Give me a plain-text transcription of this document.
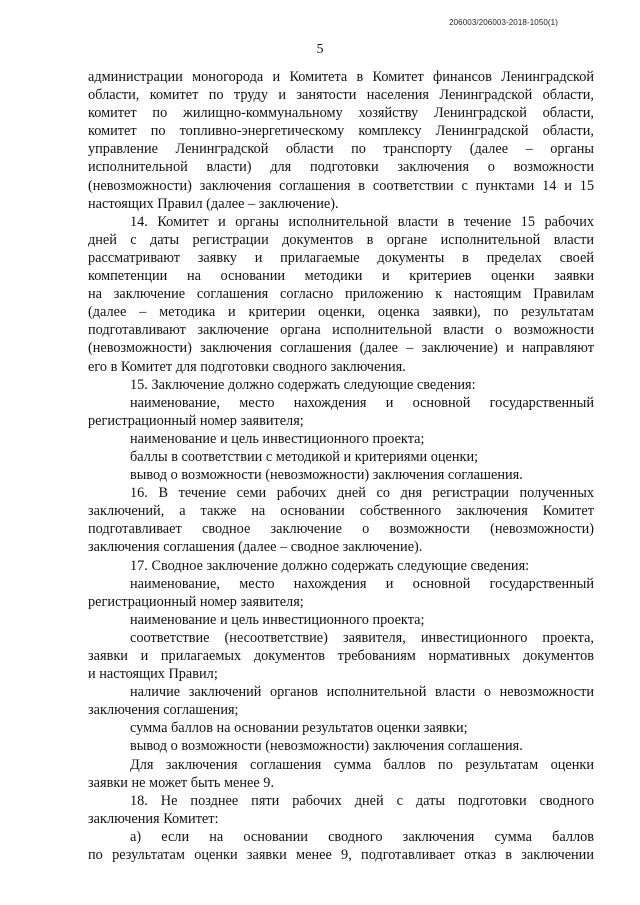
206003/206003-2018-1050(1)
5
администрации моногорода и Комитета в Комитет финансов Ленинградской
области, комитет по труду и занятости населения Ленинградской области,
комитет по жилищно-коммунальному хозяйству Ленинградской области,
комитет по топливно-энергетическому комплексу Ленинградской области,
управление Ленинградской области по транспорту (далее – органы
исполнительной власти) для подготовки заключения о возможности
(невозможности) заключения соглашения в соответствии с пунктами 14 и 15
настоящих Правил (далее – заключение).
14. Комитет и органы исполнительной власти в течение 15 рабочих
дней с даты регистрации документов в органе исполнительной власти
рассматривают заявку и прилагаемые документы в пределах своей
компетенции на основании методики и критериев оценки заявки
на заключение соглашения согласно приложению к настоящим Правилам
(далее – методика и критерии оценки, оценка заявки), по результатам
подготавливают заключение органа исполнительной власти о возможности
(невозможности) заключения соглашения (далее – заключение) и направляют
его в Комитет для подготовки сводного заключения.
15. Заключение должно содержать следующие сведения:
наименование, место нахождения и основной государственный
регистрационный номер заявителя;
наименование и цель инвестиционного проекта;
баллы в соответствии с методикой и критериями оценки;
вывод о возможности (невозможности) заключения соглашения.
16. В течение семи рабочих дней со дня регистрации полученных
заключений, а также на основании собственного заключения Комитет
подготавливает сводное заключение о возможности (невозможности)
заключения соглашения (далее – сводное заключение).
17. Сводное заключение должно содержать следующие сведения:
наименование, место нахождения и основной государственный
регистрационный номер заявителя;
наименование и цель инвестиционного проекта;
соответствие (несоответствие) заявителя, инвестиционного проекта,
заявки и прилагаемых документов требованиям нормативных документов
и настоящих Правил;
наличие заключений органов исполнительной власти о невозможности
заключения соглашения;
сумма баллов на основании результатов оценки заявки;
вывод о возможности (невозможности) заключения соглашения.
Для заключения соглашения сумма баллов по результатам оценки
заявки не может быть менее 9.
18. Не позднее пяти рабочих дней с даты подготовки сводного
заключения Комитет:
а) если на основании сводного заключения сумма баллов
по результатам оценки заявки менее 9, подготавливает отказ в заключении
